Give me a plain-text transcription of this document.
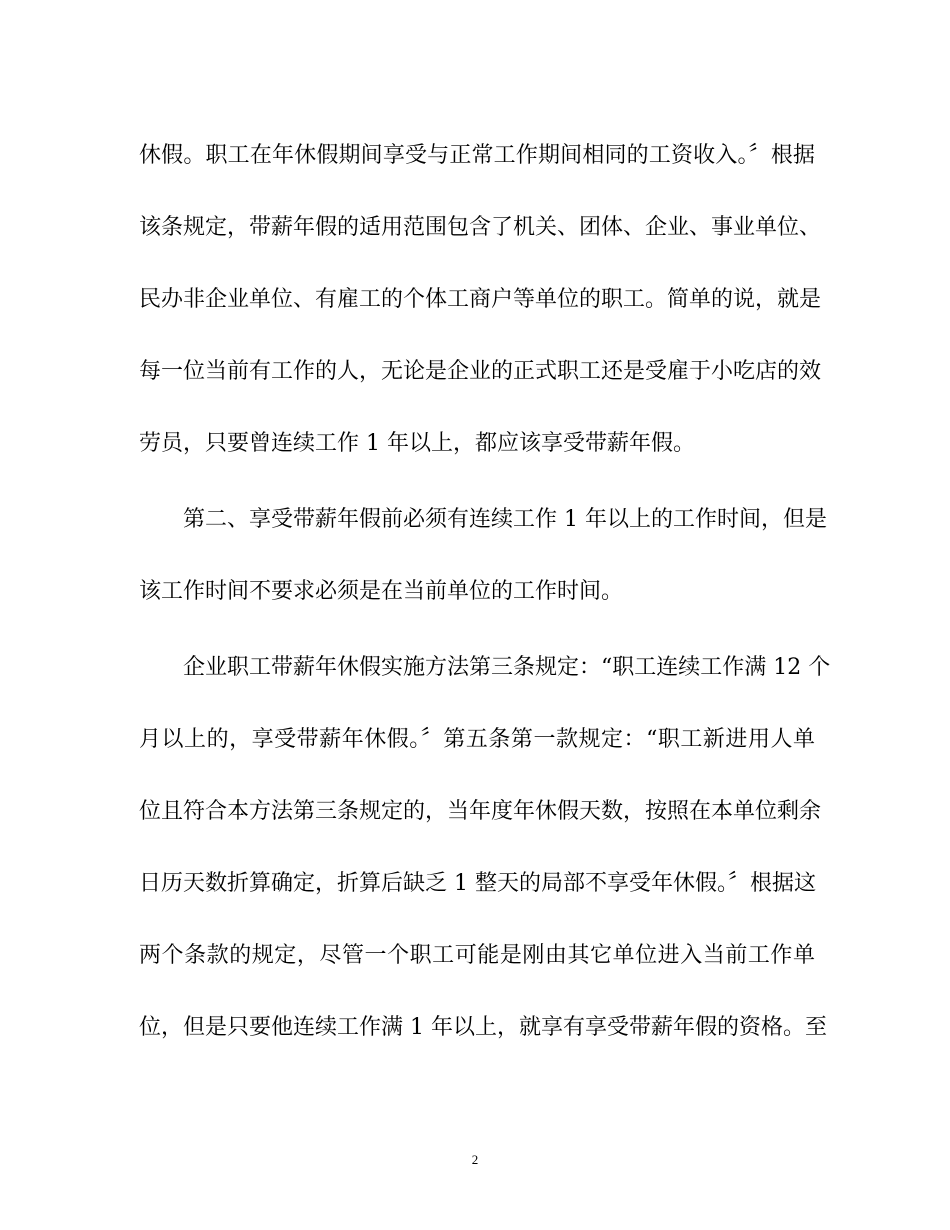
休假。职工在年休假期间享受与正常工作期间相同的工资收入。〞根据
该条规定，带薪年假的适用范围包含了机关、团体、企业、事业单位、
民办非企业单位、有雇工的个体工商户等单位的职工。简单的说，就是
每一位当前有工作的人，无论是企业的正式职工还是受雇于小吃店的效
劳员，只要曾连续工作 1 年以上，都应该享受带薪年假。
第二、享受带薪年假前必须有连续工作 1 年以上的工作时间，但是
该工作时间不要求必须是在当前单位的工作时间。
企业职工带薪年休假实施方法第三条规定：“职工连续工作满 12 个
月以上的，享受带薪年休假。〞第五条第一款规定：“职工新进用人单
位且符合本方法第三条规定的，当年度年休假天数，按照在本单位剩余
日历天数折算确定，折算后缺乏 1 整天的局部不享受年休假。〞根据这
两个条款的规定，尽管一个职工可能是刚由其它单位进入当前工作单
位，但是只要他连续工作满 1 年以上，就享有享受带薪年假的资格。至
2
